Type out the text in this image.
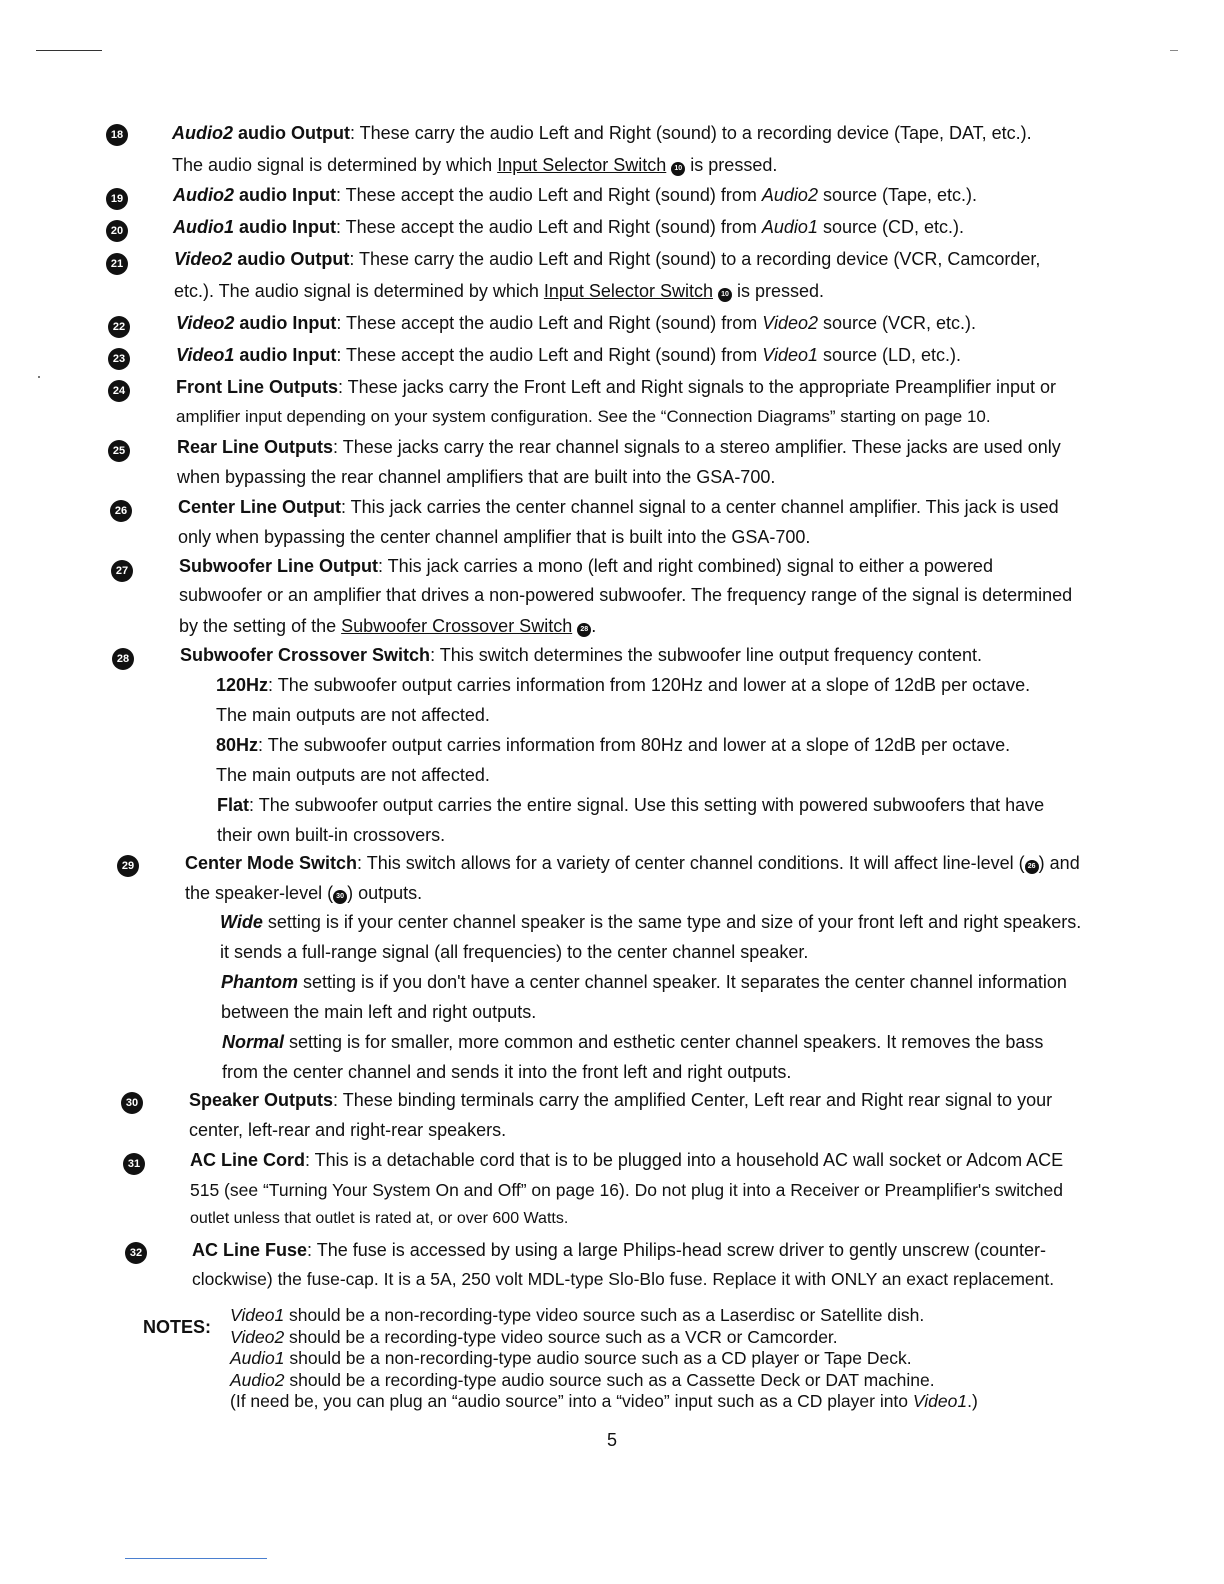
18	Audio2 audio Output: These carry the audio Left and Right (sound) to a recording device (Tape, DAT, etc.).
The audio signal is determined by which Input Selector Switch 10 is pressed.
19	Audio2 audio Input: These accept the audio Left and Right (sound) from Audio2 source (Tape, etc.).
20	Audio1 audio Input: These accept the audio Left and Right (sound) from Audio1 source (CD, etc.).
21	Video2 audio Output: These carry the audio Left and Right (sound) to a recording device (VCR, Camcorder,
etc.). The audio signal is determined by which Input Selector Switch 10 is pressed.
22	Video2 audio Input: These accept the audio Left and Right (sound) from Video2 source (VCR, etc.).
23	Video1 audio Input: These accept the audio Left and Right (sound) from Video1 source (LD, etc.).
24	Front Line Outputs: These jacks carry the Front Left and Right signals to the appropriate Preamplifier input or
amplifier input depending on your system configuration. See the “Connection Diagrams” starting on page 10.
25	Rear Line Outputs: These jacks carry the rear channel signals to a stereo amplifier. These jacks are used only
when bypassing the rear channel amplifiers that are built into the GSA-700.
26	Center Line Output: This jack carries the center channel signal to a center channel amplifier. This jack is used
only when bypassing the center channel amplifier that is built into the GSA-700.
27	Subwoofer Line Output: This jack carries a mono (left and right combined) signal to either a powered
subwoofer or an amplifier that drives a non-powered subwoofer. The frequency range of the signal is determined
by the setting of the Subwoofer Crossover Switch 28 .
28	Subwoofer Crossover Switch: This switch determines the subwoofer line output frequency content.
120Hz: The subwoofer output carries information from 120Hz and lower at a slope of 12dB per octave.
The main outputs are not affected.
80Hz: The subwoofer output carries information from 80Hz and lower at a slope of 12dB per octave.
The main outputs are not affected.
Flat: The subwoofer output carries the entire signal. Use this setting with powered subwoofers that have
their own built-in crossovers.
29	Center Mode Switch: This switch allows for a variety of center channel conditions. It will affect line-level ( 26 ) and
the speaker-level ( 30 ) outputs.
Wide setting is if your center channel speaker is the same type and size of your front left and right speakers.
it sends a full-range signal (all frequencies) to the center channel speaker.
Phantom setting is if you don't have a center channel speaker. It separates the center channel information
between the main left and right outputs.
Normal setting is for smaller, more common and esthetic center channel speakers. It removes the bass
from the center channel and sends it into the front left and right outputs.
30	Speaker Outputs: These binding terminals carry the amplified Center, Left rear and Right rear signal to your
center, left-rear and right-rear speakers.
31	AC Line Cord: This is a detachable cord that is to be plugged into a household AC wall socket or Adcom ACE
515 (see “Turning Your System On and Off” on page 16). Do not plug it into a Receiver or Preamplifier's switched
outlet unless that outlet is rated at, or over 600 Watts.
32	AC Line Fuse: The fuse is accessed by using a large Philips-head screw driver to gently unscrew (counter-
clockwise) the fuse-cap. It is a 5A, 250 volt MDL-type Slo-Blo fuse. Replace it with ONLY an exact replacement.
NOTES:
Video1 should be a non-recording-type video source such as a Laserdisc or Satellite dish.
Video2 should be a recording-type video source such as a VCR or Camcorder.
Audio1 should be a non-recording-type audio source such as a CD player or Tape Deck.
Audio2 should be a recording-type audio source such as a Cassette Deck or DAT machine.
(If need be, you can plug an “audio source” into a “video” input such as a CD player into Video1.)
5
